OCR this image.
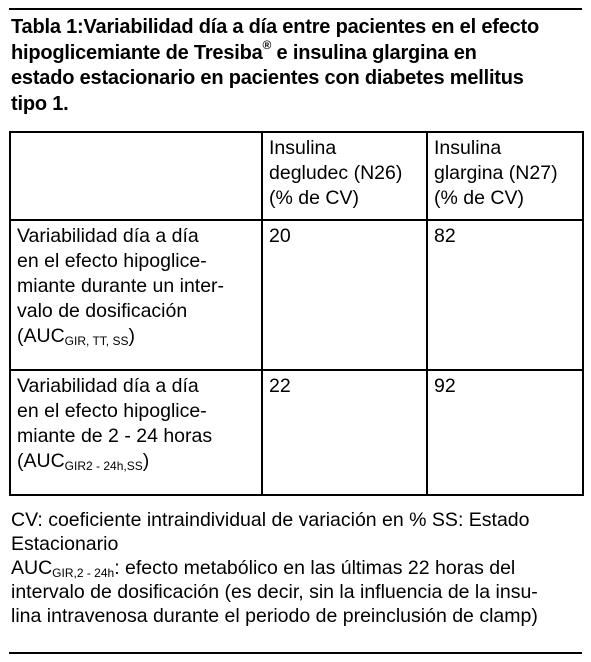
Tabla 1:Variabilidad día a día entre pacientes en el efecto
hipoglicemiante de Tresiba® e insulina glargina en
estado estacionario en pacientes con diabetes mellitus
tipo 1.

	Insulina
degludec (N26)
(% de CV)	Insulina
glargina (N27)
(% de CV)

Variabilidad día a día
en el efecto hipoglice-
miante durante un inter-
valo de dosificación
$(AUC_{GIR, TT, SS})$	20	82

Variabilidad día a día
en el efecto hipoglice-
miante de 2 - 24 horas
$(AUC_{GIR2 - 24h,SS})$	22	92
CV: coeficiente intraindividual de variación en % SS: Estado
Estacionario
$AUC_{GIR,2 - 24h}$: efecto metabólico en las últimas 22 horas del
intervalo de dosificación (es decir, sin la influencia de la insu-
lina intravenosa durante el periodo de preinclusión de clamp)
